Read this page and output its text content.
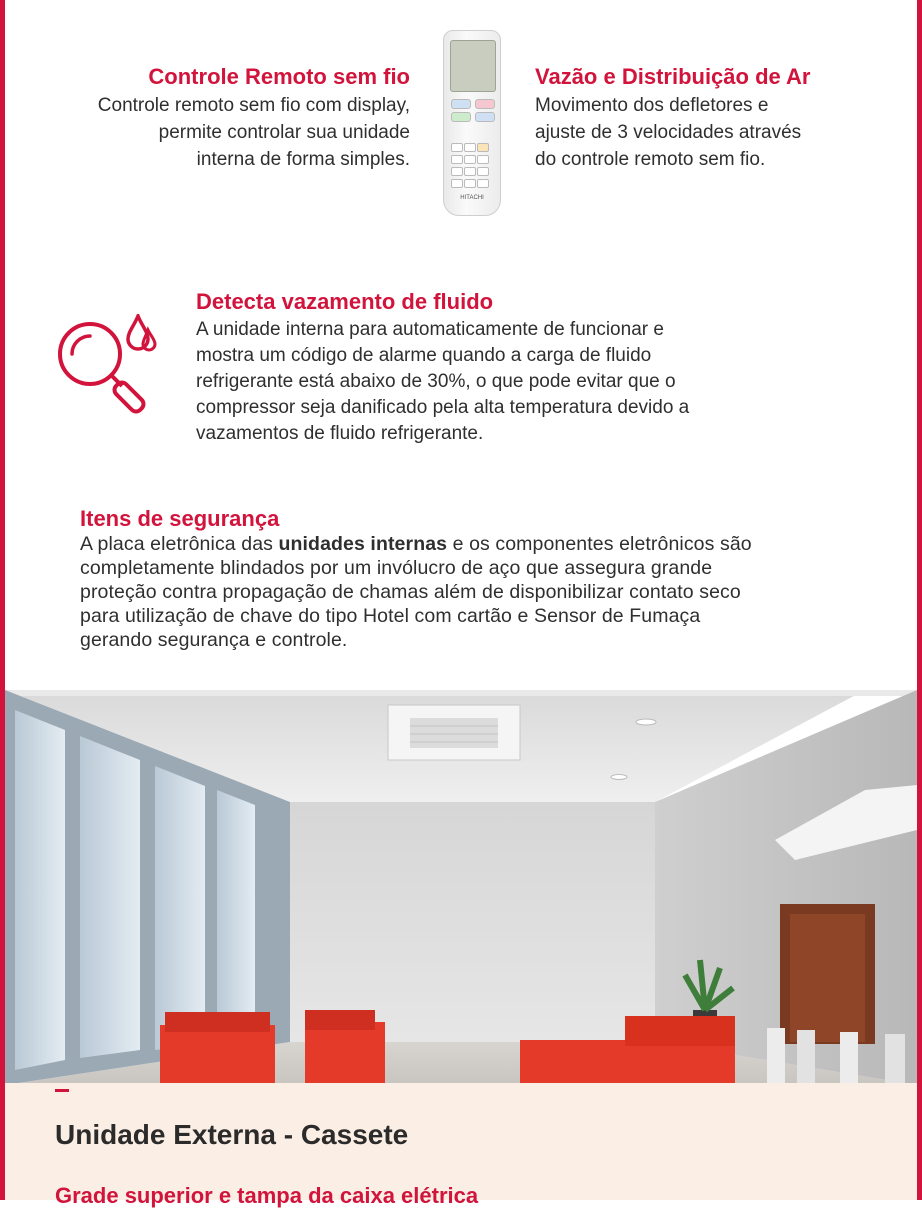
Controle Remoto sem fio

Controle remoto sem fio com display,

permite controlar sua unidade

interna de forma simples.

HITACHI
Vazão e Distribuição de Ar

Movimento dos defletores e

ajuste de 3 velocidades através

do controle remoto sem fio.

Detecta vazamento de fluido

A unidade interna para automaticamente de funcionar e

mostra um código de alarme quando a carga de fluido

refrigerante está abaixo de 30%, o que pode evitar que o

compressor seja danificado pela alta temperatura devido a

vazamentos de fluido refrigerante.

Itens de segurança

A placa eletrônica das unidades internas e os componentes eletrônicos são

completamente blindados por um invólucro de aço que assegura grande

proteção contra propagação de chamas além de disponibilizar contato seco

para utilização de chave do tipo Hotel com cartão e Sensor de Fumaça

gerando segurança e controle.

Unidade Externa - Cassete
Grade superior e tampa da caixa elétrica
